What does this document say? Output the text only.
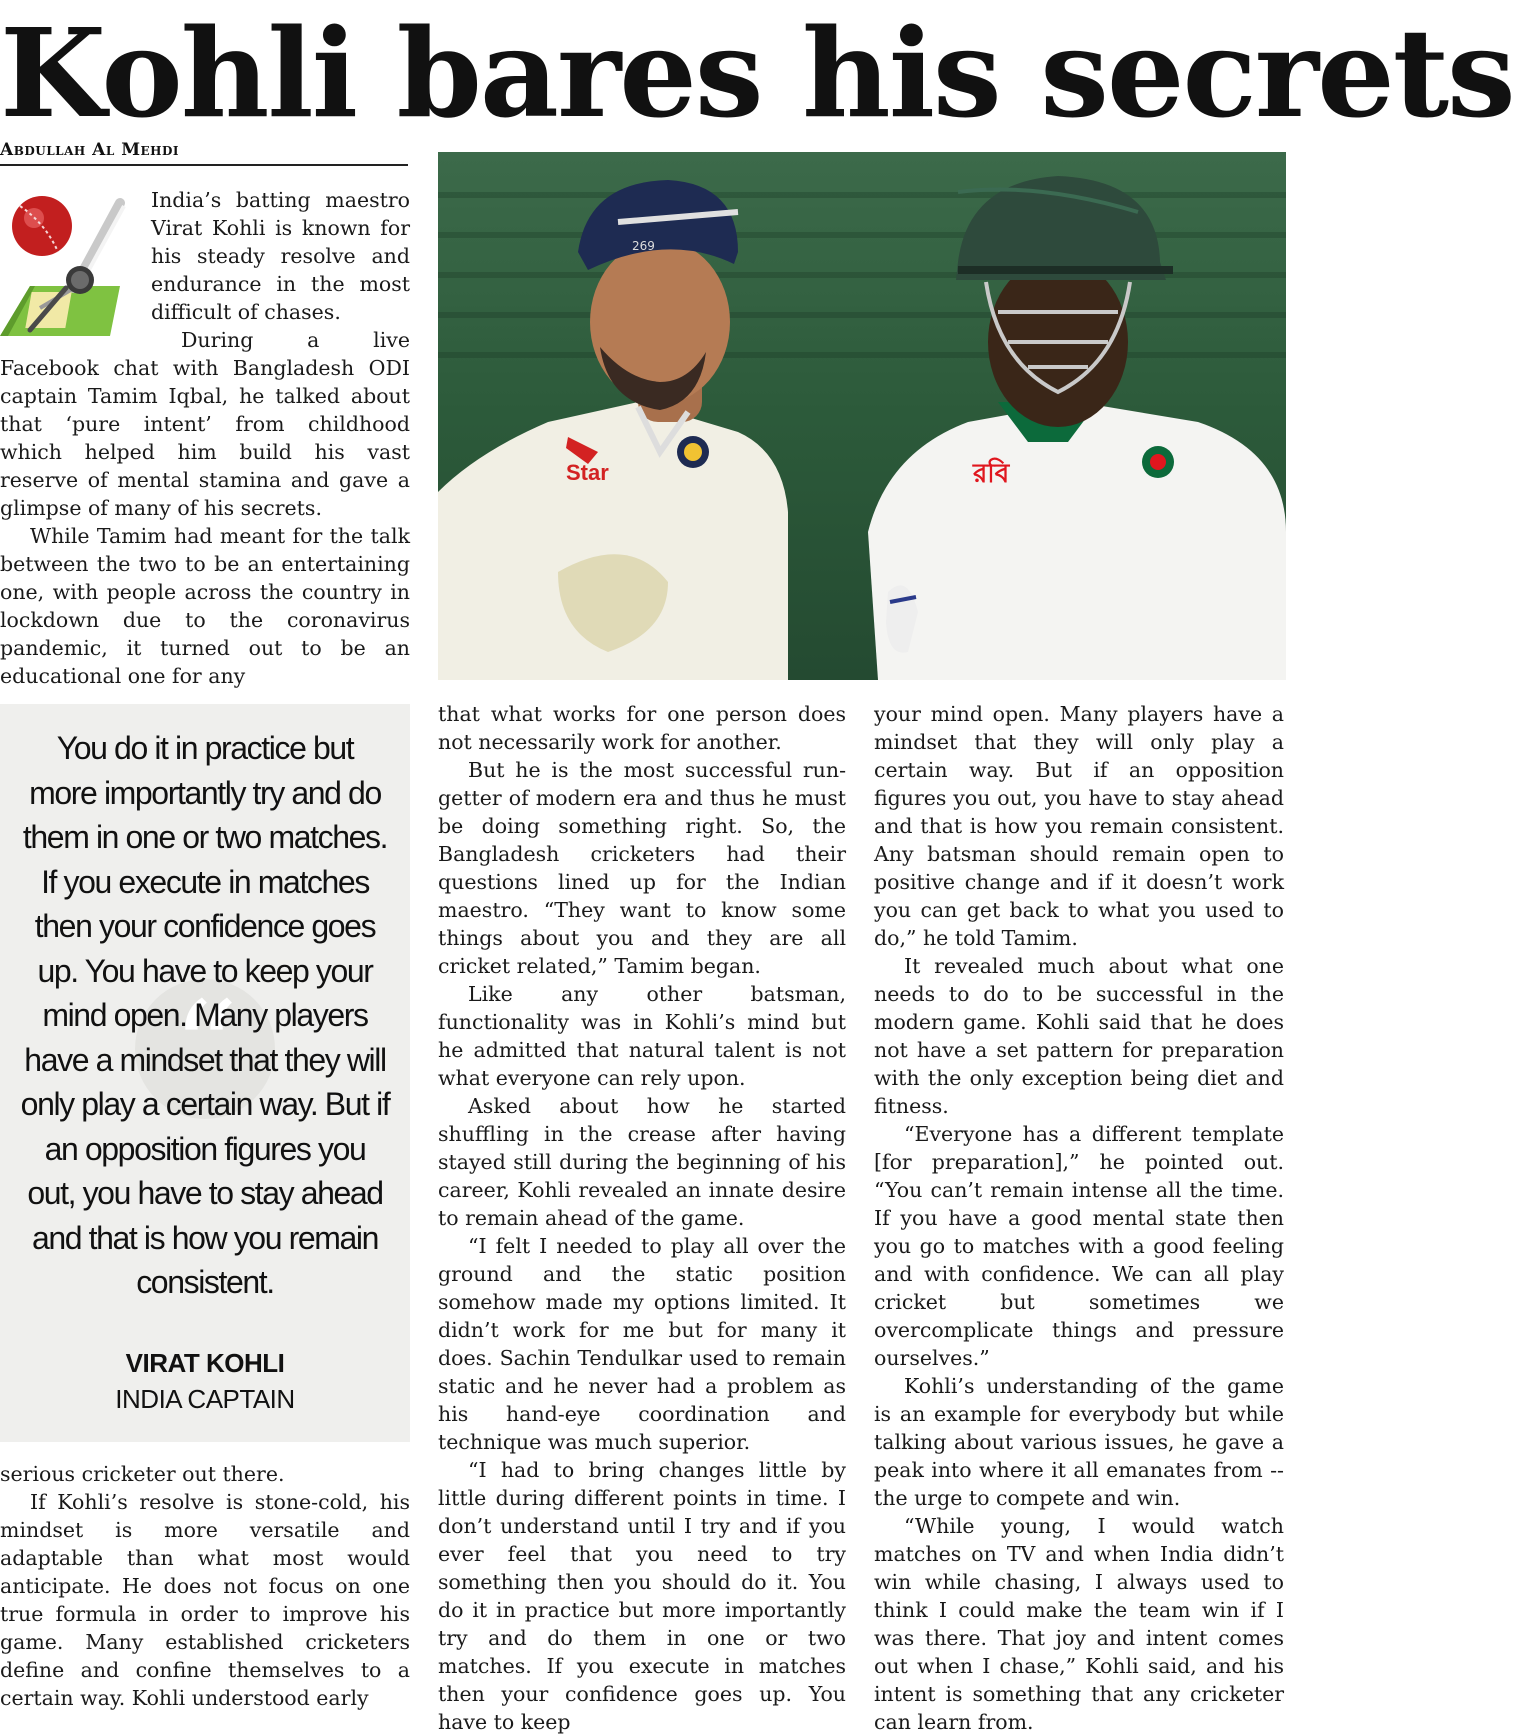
Kohli bares his secrets
Abdullah Al Mehdi

India’s batting maestro Virat Kohli is known for his steady resolve and endurance in the most difficult of chases.

During a live Facebook chat with Bangladesh ODI captain Tamim Iqbal, he talked about that ‘pure intent’ from childhood which helped him build his vast reserve of mental stamina and gave a glimpse of many of his secrets.

While Tamim had meant for the talk between the two to be an entertaining one, with people across the country in lockdown due to the coronavirus pandemic, it turned out to be an educational one for any

269
Star	রবি
“
You do it in practice but more importantly try and do them in one or two matches. If you execute in matches then your confidence goes up. You have to keep your mind open. Many players have a mindset that they will only play a certain way. But if an opposition figures you out, you have to stay ahead and that is how you remain consistent.
VIRAT KOHLI
INDIA CAPTAIN

serious cricketer out there.

If Kohli’s resolve is stone-cold, his mindset is more versatile and adaptable than what most would anticipate. He does not focus on one true formula in order to improve his game. Many established cricketers define and confine themselves to a certain way. Kohli understood early

that what works for one person does not necessarily work for another.

But he is the most successful run-getter of modern era and thus he must be doing something right. So, the Bangladesh cricketers had their questions lined up for the Indian maestro. “They want to know some things about you and they are all cricket related,” Tamim began.

Like any other batsman, functionality was in Kohli’s mind but he admitted that natural talent is not what everyone can rely upon.

Asked about how he started shuffling in the crease after having stayed still during the beginning of his career, Kohli revealed an innate desire to remain ahead of the game.

“I felt I needed to play all over the ground and the static position somehow made my options limited. It didn’t work for me but for many it does. Sachin Tendulkar used to remain static and he never had a problem as his hand-eye coordination and technique was much superior.

“I had to bring changes little by little during different points in time. I don’t understand until I try and if you ever feel that you need to try something then you should do it. You do it in practice but more importantly try and do them in one or two matches. If you execute in matches then your confidence goes up. You have to keep

your mind open. Many players have a mindset that they will only play a certain way. But if an opposition figures you out, you have to stay ahead and that is how you remain consistent. Any batsman should remain open to positive change and if it doesn’t work you can get back to what you used to do,” he told Tamim.

It revealed much about what one needs to do to be successful in the modern game. Kohli said that he does not have a set pattern for preparation with the only exception being diet and fitness.

“Everyone has a different template [for preparation],” he pointed out. “You can’t remain intense all the time. If you have a good mental state then you go to matches with a good feeling and with confidence. We can all play cricket but sometimes we overcomplicate things and pressure ourselves.”

Kohli’s understanding of the game is an example for everybody but while talking about various issues, he gave a peak into where it all emanates from -- the urge to compete and win.

“While young, I would watch matches on TV and when India didn’t win while chasing, I always used to think I could make the team win if I was there. That joy and intent comes out when I chase,” Kohli said, and his intent is something that any cricketer can learn from.
